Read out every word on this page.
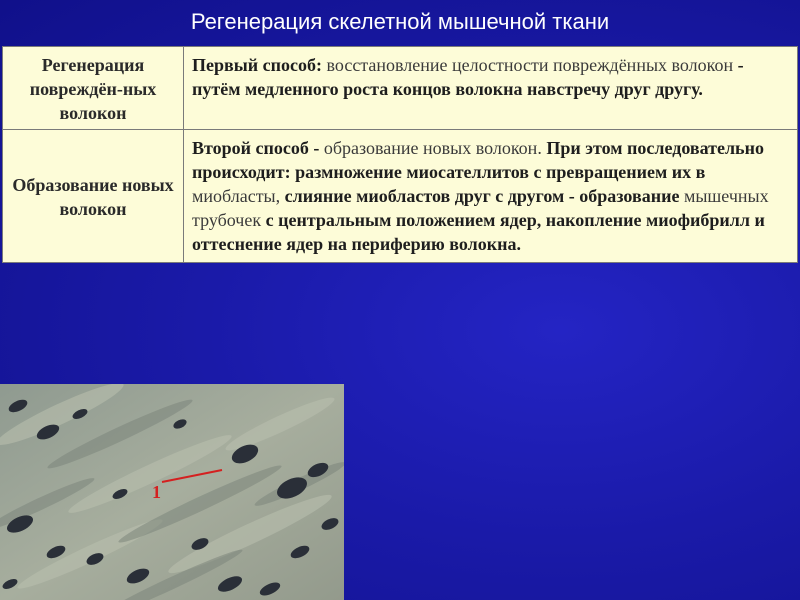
Регенерация скелетной мышечной ткани
Регенерация повреждён-ных волокон	Первый способ: восстановление целостности повреждённых волокон - путём медленного роста концов волокна навстречу друг другу.
Образование новых волокон	Второй способ - образование новых волокон. При этом последовательно происходит: размножение миосателлитов с превращением их в миобласты, слияние миобластов друг с другом - образование мышечных трубочек с центральным положением ядер, накопление миофибрилл и оттеснение ядер на периферию волокна.
1
